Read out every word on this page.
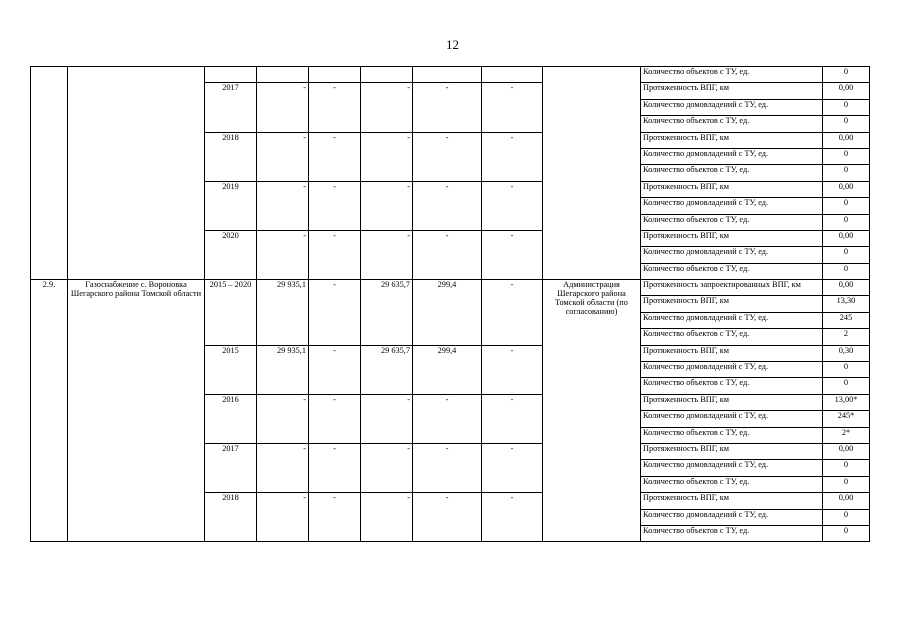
12
									Количество объектов с ТУ, ед.	0
		2017	-	-	-	-	-		Протяженность ВПГ, км	0,00
									Количество домовладений с ТУ, ед.	0
									Количество объектов с ТУ, ед.	0
		2018	-	-	-	-	-		Протяженность ВПГ, км	0,00
									Количество домовладений с ТУ, ед.	0
									Количество объектов с ТУ, ед.	0
		2019	-	-	-	-	-		Протяженность ВПГ, км	0,00
									Количество домовладений с ТУ, ед.	0
									Количество объектов с ТУ, ед.	0
		2020	-	-	-	-	-		Протяженность ВПГ, км	0,00
									Количество домовладений с ТУ, ед.	0
									Количество объектов с ТУ, ед.	0
2.9.	Газоснабжение с. Вороновка Шегарского района Томской области	2015 – 2020	29 935,1	-	29 635,7	299,4	-	Администрация Шегарского района Томской области (по согласованию)	Протяженность запроектированных ВПГ, км	0,00
									Протяженность ВПГ, км	13,30
									Количество домовладений с ТУ, ед.	245
									Количество объектов с ТУ, ед.	2
		2015	29 935,1	-	29 635,7	299,4	-		Протяженность ВПГ, км	0,30
									Количество домовладений с ТУ, ед.	0
									Количество объектов с ТУ, ед.	0
		2016	-	-	-	-	-		Протяженность ВПГ, км	13,00*
									Количество домовладений с ТУ, ед.	245*
									Количество объектов с ТУ, ед.	2*
		2017	-	-	-	-	-		Протяженность ВПГ, км	0,00
									Количество домовладений с ТУ, ед.	0
									Количество объектов с ТУ, ед.	0
		2018	-	-	-	-	-		Протяженность ВПГ, км	0,00
									Количество домовладений с ТУ, ед.	0
									Количество объектов с ТУ, ед.	0
